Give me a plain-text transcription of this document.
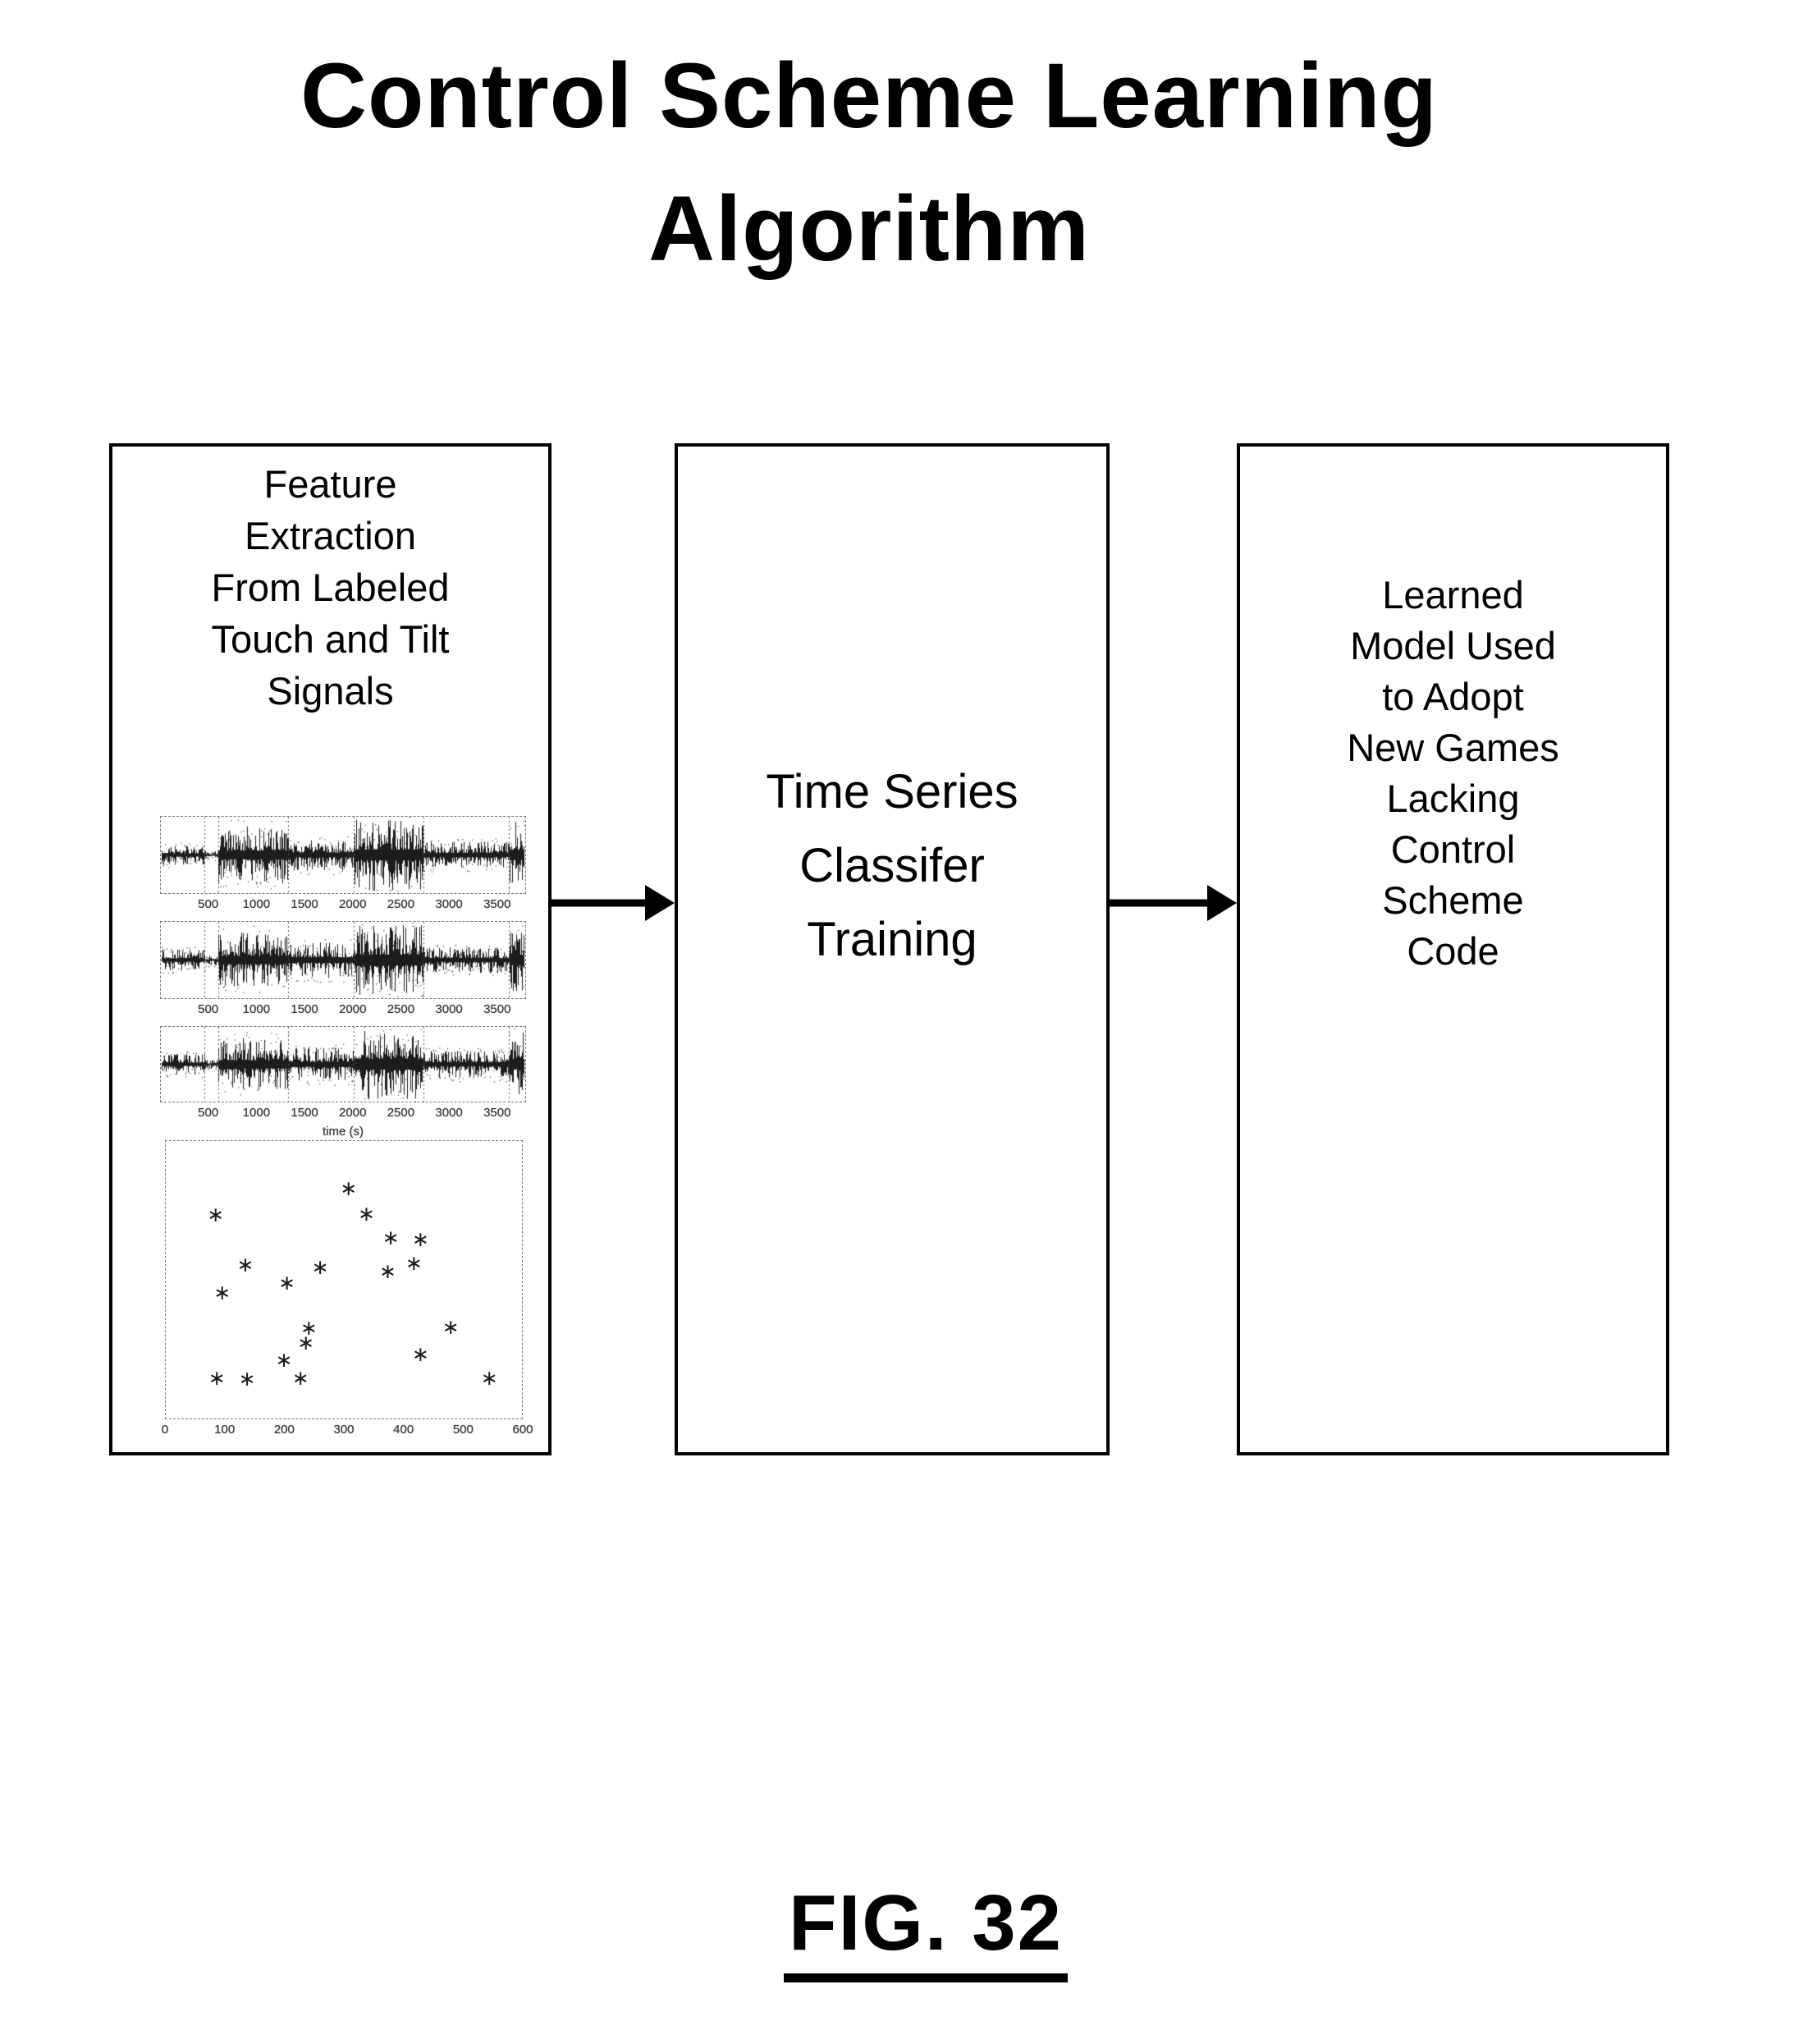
Control Scheme Learning
Algorithm
Feature
Extraction
From Labeled
Touch and Tilt
Signals
500 1000 1500 2000 2500 3000 3500
500 1000 1500 2000 2500 3000 3500
500 1000 1500 2000 2500 3000 3500
time (s)
∗
∗
∗
∗ ∗
∗
∗	∗ ∗
∗
∗
∗	∗
∗	∗
∗
∗ ∗ ∗	∗
0	100	200	300	400	500	600
Time Series
Classifer
Training
Learned
Model Used
to Adopt
New Games
Lacking
Control
Scheme
Code
FIG. 32
